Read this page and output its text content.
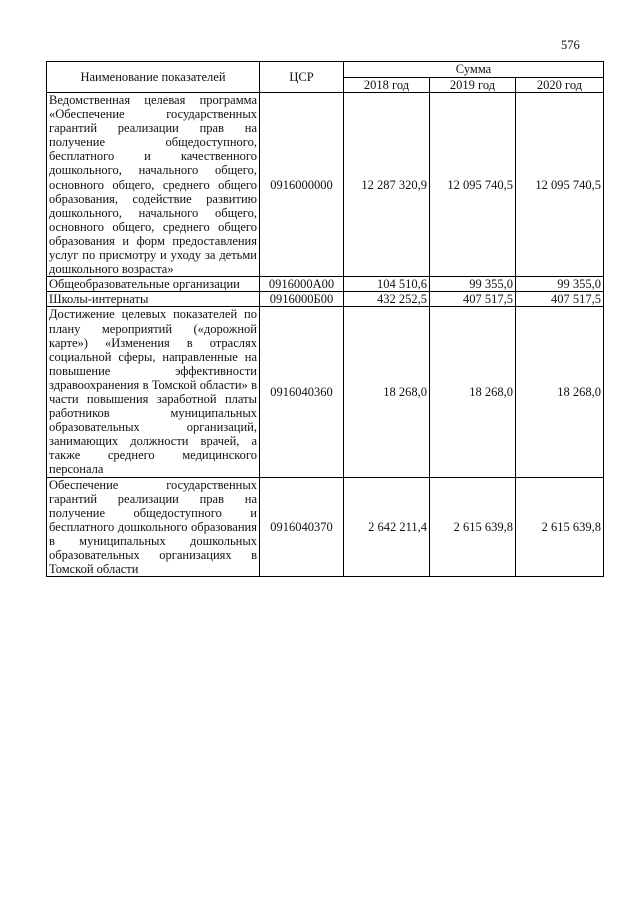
576
Наименование показателей	ЦСР	Сумма		
		2018 год	2019 год	2020 год
Ведомственная целевая программа «Обеспечение государственных гарантий реализации прав на получение общедоступного, бесплатного и качественного дошкольного, начального общего, основного общего, среднего общего образования, содействие развитию дошкольного, начального общего, основного общего, среднего общего образования и форм предоставления услуг по присмотру и уходу за детьми дошкольного возраста»	0916000000	12 287 320,9	12 095 740,5	12 095 740,5
Общеобразовательные организации	0916000А00	104 510,6	99 355,0	99 355,0
Школы-интернаты	0916000Б00	432 252,5	407 517,5	407 517,5
Достижение целевых показателей по плану мероприятий («дорожной карте») «Изменения в отраслях социальной сферы, направленные на повышение эффективности здравоохранения в Томской области» в части повышения заработной платы работников муниципальных образовательных организаций, занимающих должности врачей, а также среднего медицинского персонала	0916040360	18 268,0	18 268,0	18 268,0
Обеспечение государственных гарантий реализации прав на получение общедоступного и бесплатного дошкольного образования в муниципальных дошкольных образовательных организациях в Томской области	0916040370	2 642 211,4	2 615 639,8	2 615 639,8
